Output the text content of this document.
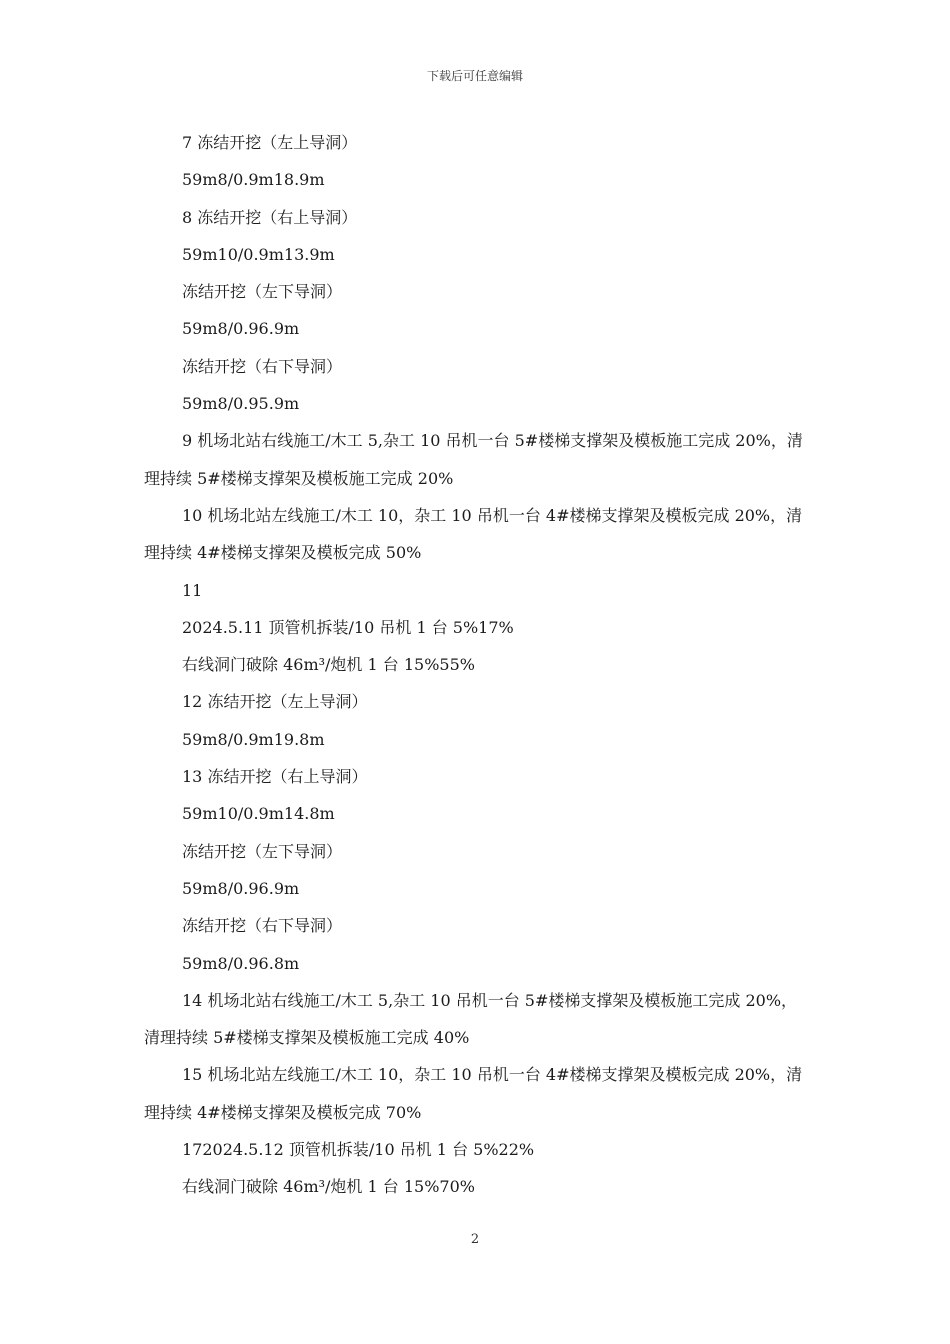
下载后可任意编辑

7 冻结开挖（左上导洞）

59m8/0.9m18.9m

8 冻结开挖（右上导洞）

59m10/0.9m13.9m

冻结开挖（左下导洞）

59m8/0.96.9m

冻结开挖（右下导洞）

59m8/0.95.9m

9 机场北站右线施工/木工 5,杂工 10 吊机一台 5#楼梯支撑架及模板施工完成 20%，清理持续 5#楼梯支撑架及模板施工完成 20%

10 机场北站左线施工/木工 10，杂工 10 吊机一台 4#楼梯支撑架及模板完成 20%，清理持续 4#楼梯支撑架及模板完成 50%

11

2024.5.11 顶管机拆装/10 吊机 1 台 5%17%

右线洞门破除 46m³/炮机 1 台 15%55%

12 冻结开挖（左上导洞）

59m8/0.9m19.8m

13 冻结开挖（右上导洞）

59m10/0.9m14.8m

冻结开挖（左下导洞）

59m8/0.96.9m

冻结开挖（右下导洞）

59m8/0.96.8m

14 机场北站右线施工/木工 5,杂工 10 吊机一台 5#楼梯支撑架及模板施工完成 20%，清理持续 5#楼梯支撑架及模板施工完成 40%

15 机场北站左线施工/木工 10，杂工 10 吊机一台 4#楼梯支撑架及模板完成 20%，清理持续 4#楼梯支撑架及模板完成 70%

172024.5.12 顶管机拆装/10 吊机 1 台 5%22%

右线洞门破除 46m³/炮机 1 台 15%70%

2
